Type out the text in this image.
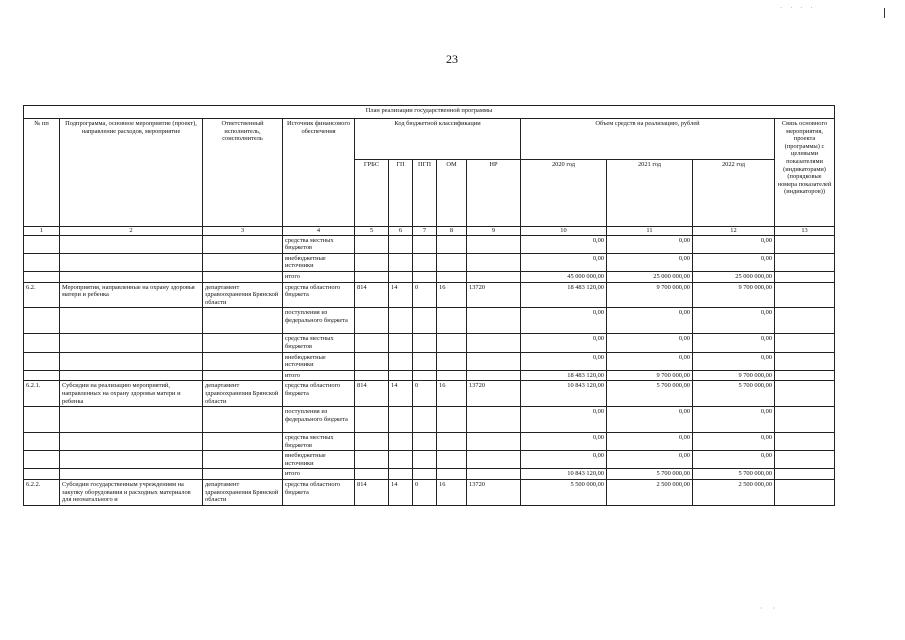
· · · ·
· ·
23
План реализации государственной программы												
№ пп	Подпрограмма, основное мероприятие (проект), направление расходов, мероприятие	Ответственный исполнитель, соисполнитель	Источник финансового обеспечения	Код бюджетной классификации					Объем средств на реализацию, рублей			Связь основного мероприятия, проекта (программы) с целевыми показателями (индикаторами) (порядковые номера показателей (индикаторов))
				ГРБС	ГП	ПГП	ОМ	НР	2020 год	2021 год	2022 год	
1	2	3	4	5	6	7	8	9	10	11	12	13
			средства местных бюджетов						0,00	0,00	0,00	
			внебюджетные источники						0,00	0,00	0,00	
			итого						45 000 000,00	25 000 000,00	25 000 000,00	
6.2.	Мероприятия, направленные на охрану здоровья матери и ребенка	департамент здравоохранения Брянской области	средства областного бюджета	814	14	0	16	13720	18 483 120,00	9 700 000,00	9 700 000,00	
			поступления из федерального бюджета						0,00	0,00	0,00	
			средства местных бюджетов						0,00	0,00	0,00	
			внебюджетные источники						0,00	0,00	0,00	
			итого						18 483 120,00	9 700 000,00	9 700 000,00	
6.2.1.	Субсидии на реализацию мероприятий, направленных на охрану здоровья матери и ребенка	департамент здравоохранения Брянской области	средства областного бюджета	814	14	0	16	13720	10 843 120,00	5 700 000,00	5 700 000,00	
			поступления из федерального бюджета						0,00	0,00	0,00	
			средства местных бюджетов						0,00	0,00	0,00	
			внебюджетные источники						0,00	0,00	0,00	
			итого						10 843 120,00	5 700 000,00	5 700 000,00	
6.2.2.	Субсидии государственным учреждениям на закупку оборудования и расходных материалов для неонатального и	департамент здравоохранения Брянской области	средства областного бюджета	814	14	0	16	13720	5 500 000,00	2 500 000,00	2 500 000,00	
